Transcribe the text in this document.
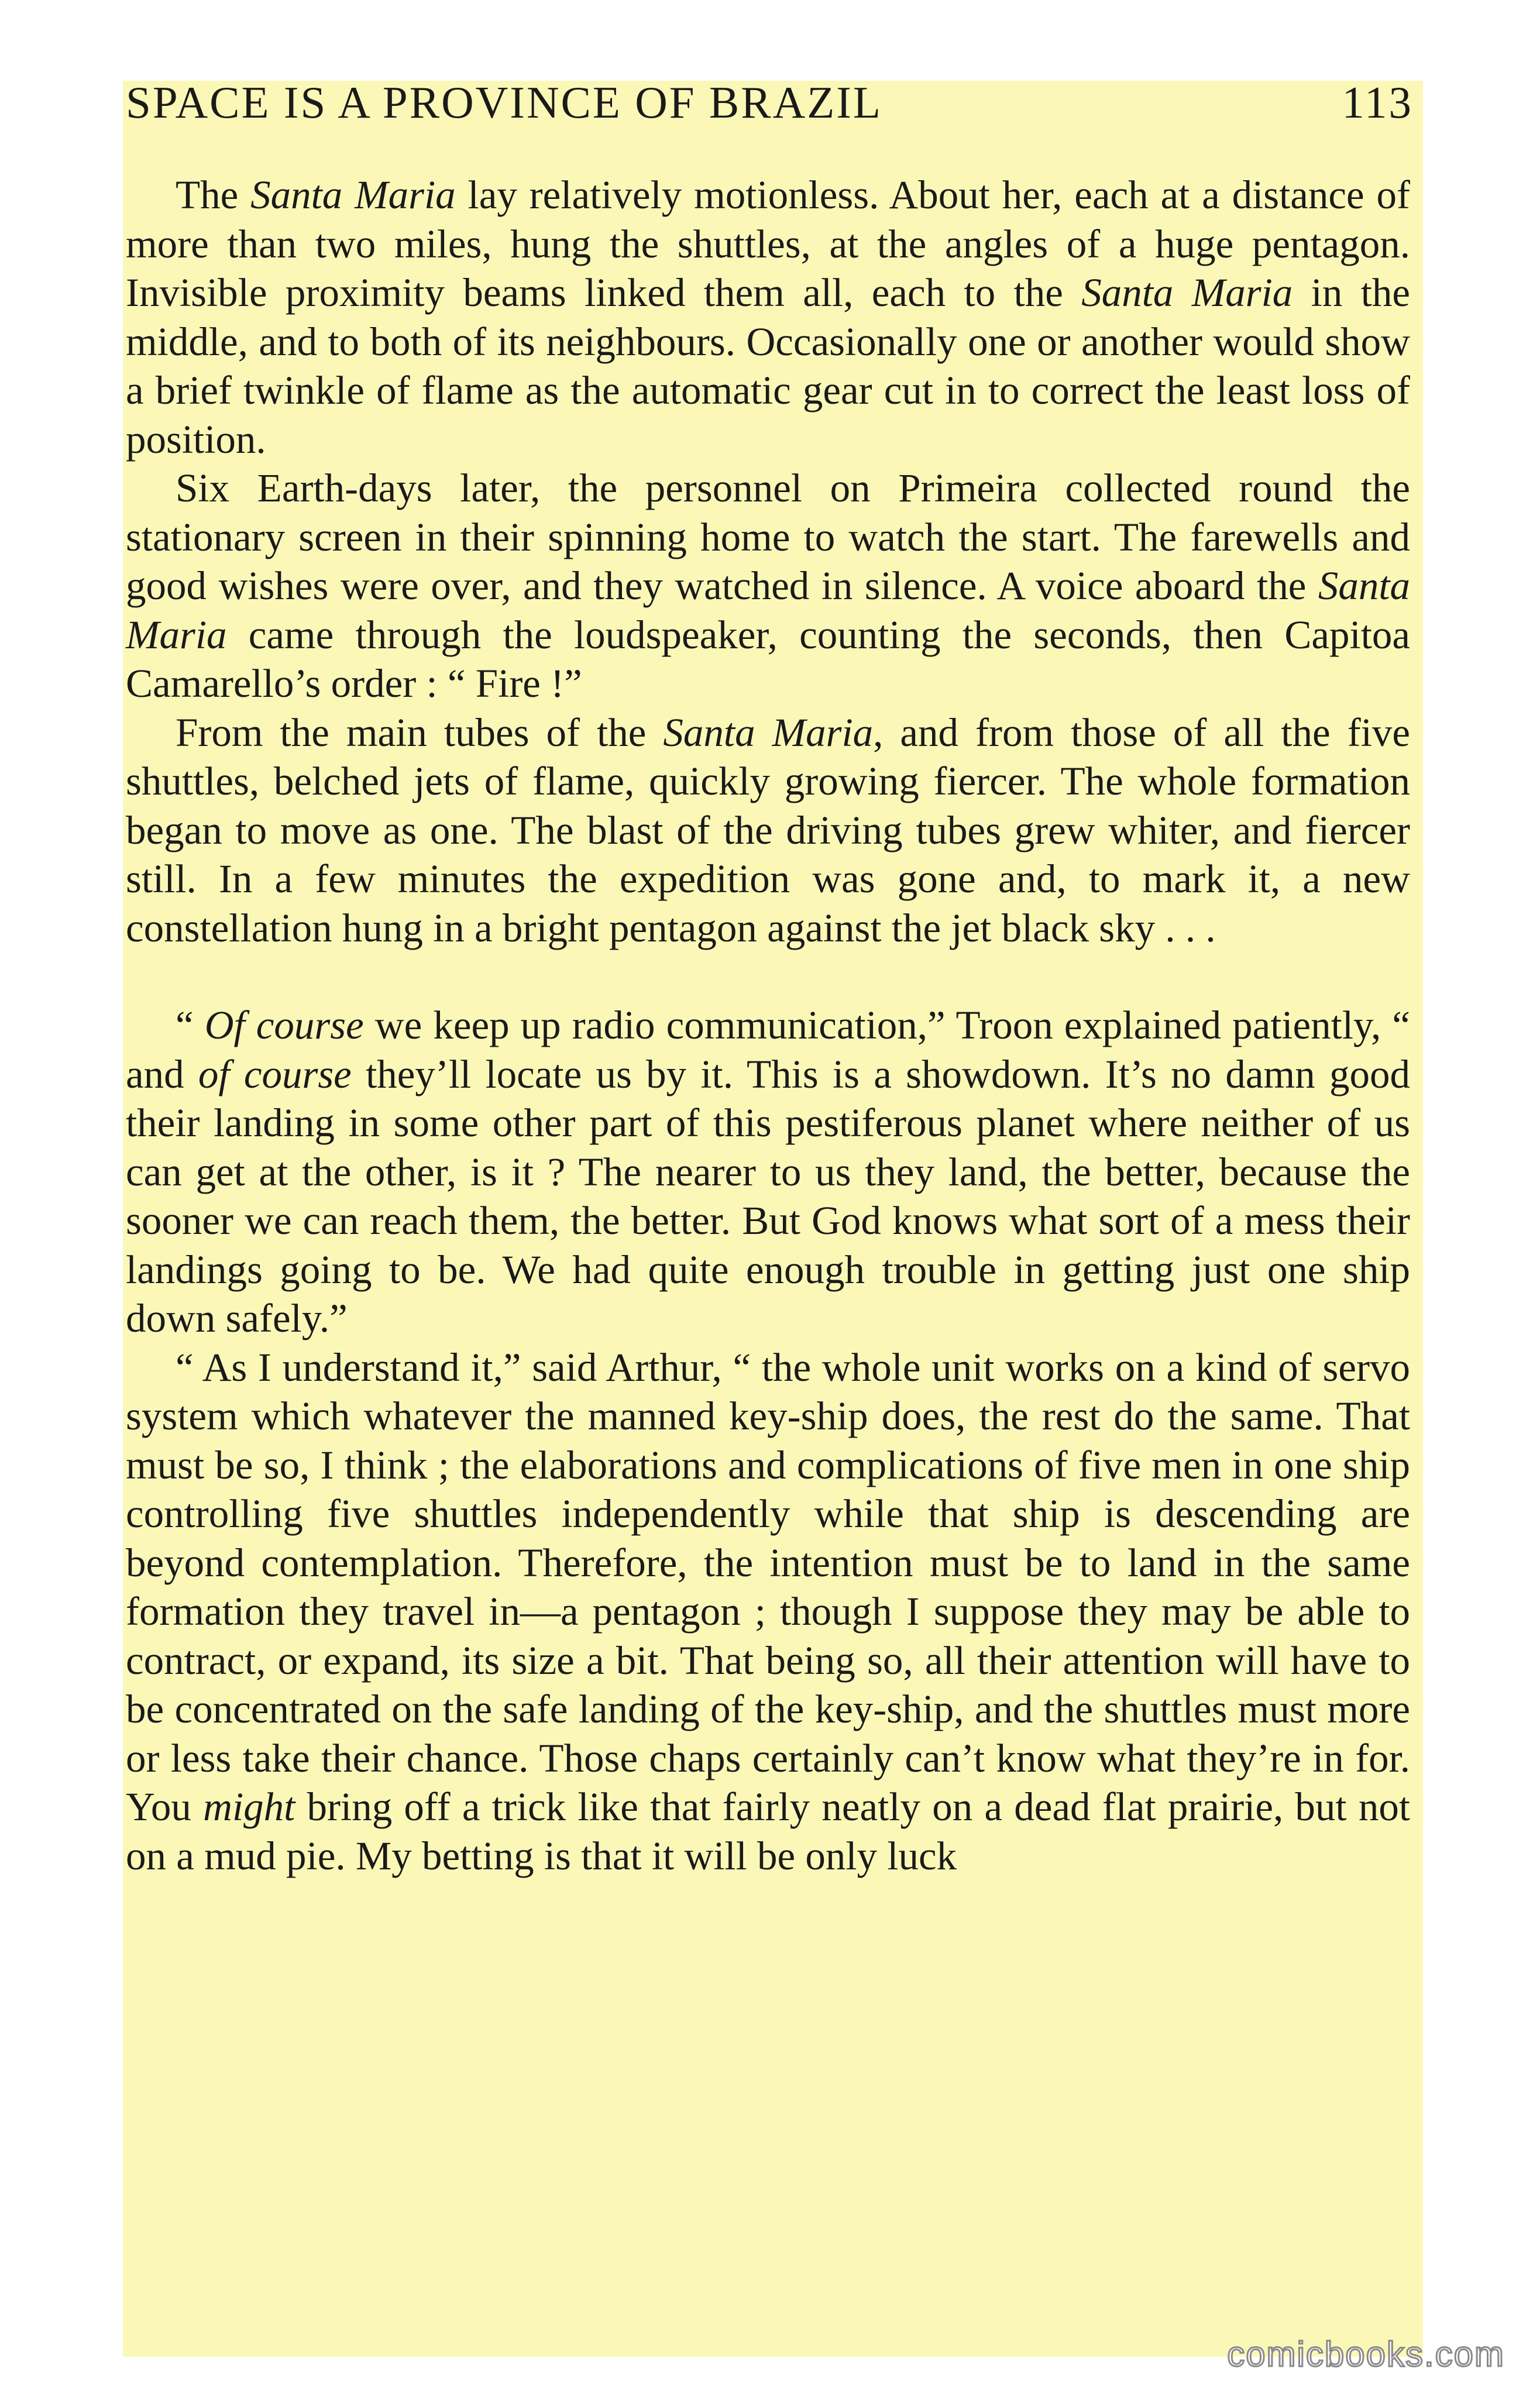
SPACE IS A PROVINCE OF BRAZIL	113

The Santa Maria lay relatively motionless. About her, each at a distance of more than two miles, hung the shuttles, at the angles of a huge pentagon. Invisible proximity beams linked them all, each to the Santa Maria in the middle, and to both of its neighbours. Occasionally one or another would show a brief twinkle of flame as the automatic gear cut in to correct the least loss of position.

Six Earth-days later, the personnel on Primeira collected round the stationary screen in their spinning home to watch the start. The farewells and good wishes were over, and they watched in silence. A voice aboard the Santa Maria came through the loudspeaker, counting the seconds, then Capitoa Camarello’s order : “ Fire !”

From the main tubes of the Santa Maria, and from those of all the five shuttles, belched jets of flame, quickly growing fiercer. The whole formation began to move as one. The blast of the driving tubes grew whiter, and fiercer still. In a few minutes the expedition was gone and, to mark it, a new constellation hung in a bright pentagon against the jet black sky . . .

“ Of course we keep up radio communication,” Troon explained patiently, “ and of course they’ll locate us by it. This is a showdown. It’s no damn good their landing in some other part of this pestiferous planet where neither of us can get at the other, is it ? The nearer to us they land, the better, because the sooner we can reach them, the better. But God knows what sort of a mess their landings going to be. We had quite enough trouble in getting just one ship down safely.”

“ As I understand it,” said Arthur, “ the whole unit works on a kind of servo system which whatever the manned key-ship does, the rest do the same. That must be so, I think ; the elaborations and complications of five men in one ship controlling five shuttles independently while that ship is descending are beyond contemplation. Therefore, the intention must be to land in the same formation they travel in—a pentagon ; though I suppose they may be able to contract, or expand, its size a bit. That being so, all their attention will have to be concentrated on the safe landing of the key-ship, and the shuttles must more or less take their chance. Those chaps certainly can’t know what they’re in for. You might bring off a trick like that fairly neatly on a dead flat prairie, but not on a mud pie. My betting is that it will be only luck

comicbooks.com
